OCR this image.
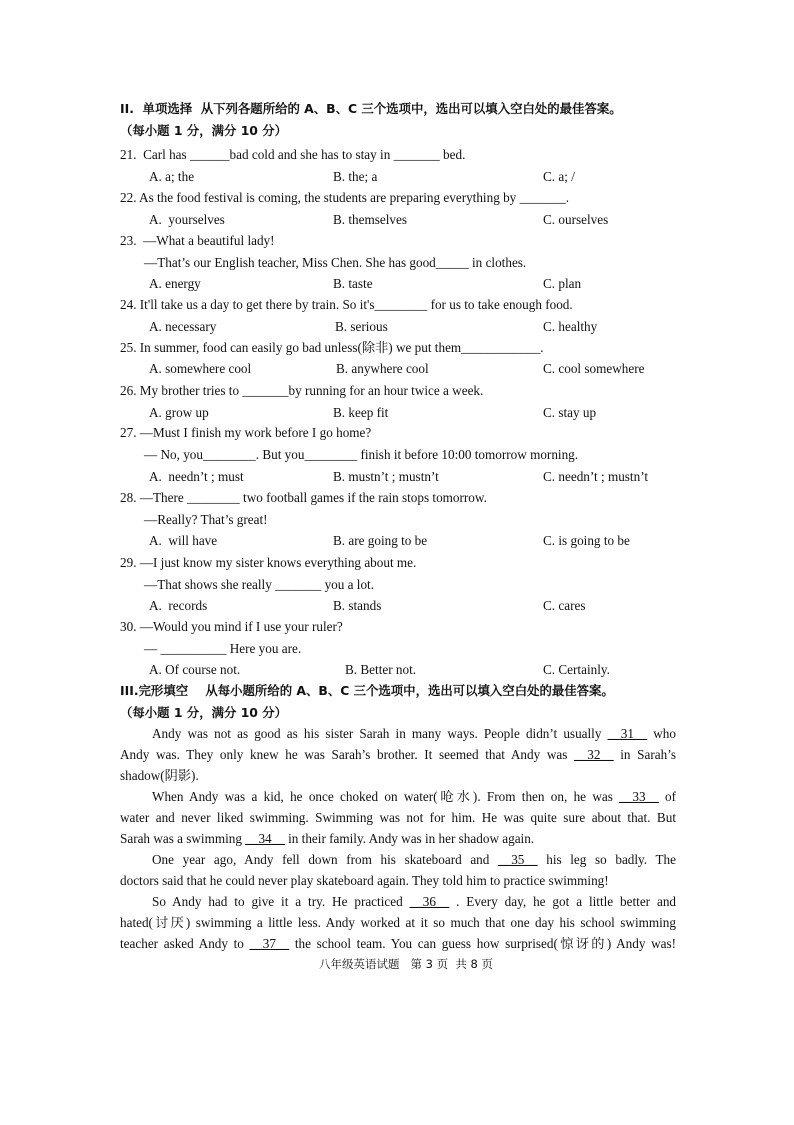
II.  单项选择  从下列各题所给的 A、B、C 三个选项中，选出可以填入空白处的最佳答案。
（每小题 1 分，满分 10 分）
21.  Carl has ______bad cold and she has to stay in _______ bed.
A. a; the	B. the; a	C. a; /
22. As the food festival is coming, the students are preparing everything by _______.
A.  yourselves	B. themselves	C. ourselves
23.  —What a beautiful lady!
—That’s our English teacher, Miss Chen. She has good_____ in clothes.
A. energy	B. taste	C. plan
24. It'll take us a day to get there by train. So it's________ for us to take enough food.
A. necessary	B. serious	C. healthy
25. In summer, food can easily go bad unless(除非) we put them____________.
A. somewhere cool	B. anywhere cool	C. cool somewhere
26. My brother tries to _______by running for an hour twice a week.
A. grow up	B. keep fit	C. stay up
27. —Must I finish my work before I go home?
— No, you________. But you________ finish it before 10:00 tomorrow morning.
A.  needn’t ; must	B. mustn’t ; mustn’t	C. needn’t ; mustn’t
28. —There ________ two football games if the rain stops tomorrow.
—Really? That’s great!
A.  will have	B. are going to be	C. is going to be
29. —I just know my sister knows everything about me.
—That shows she really _______ you a lot.
A.  records	B. stands	C. cares
30. —Would you mind if I use your ruler?
— __________ Here you are.
A. Of course not.	B. Better not.	C. Certainly.
III.完形填空    从每小题所给的 A、B、C 三个选项中，选出可以填入空白处的最佳答案。
（每小题 1 分，满分 10 分）
Andy was not as good as his sister Sarah in many ways. People didn’t usually __31__ who
Andy was. They only knew he was Sarah’s brother. It seemed that Andy was __32__ in Sarah’s
shadow(阴影).
When Andy was a kid, he once choked on water(呛水). From then on, he was __33__ of
water and never liked swimming. Swimming was not for him. He was quite sure about that. But
Sarah was a swimming __34__ in their family. Andy was in her shadow again.
One year ago, Andy fell down from his skateboard and __35__ his leg so badly. The
doctors said that he could never play skateboard again. They told him to practice swimming!
So Andy had to give it a try. He practiced __36__ . Every day, he got a little better and
hated(讨厌) swimming a little less. Andy worked at it so much that one day his school swimming
teacher asked Andy to __37__ the school team. You can guess how surprised(惊讶的) Andy was!
八年级英语试题   第 3 页  共 8 页
